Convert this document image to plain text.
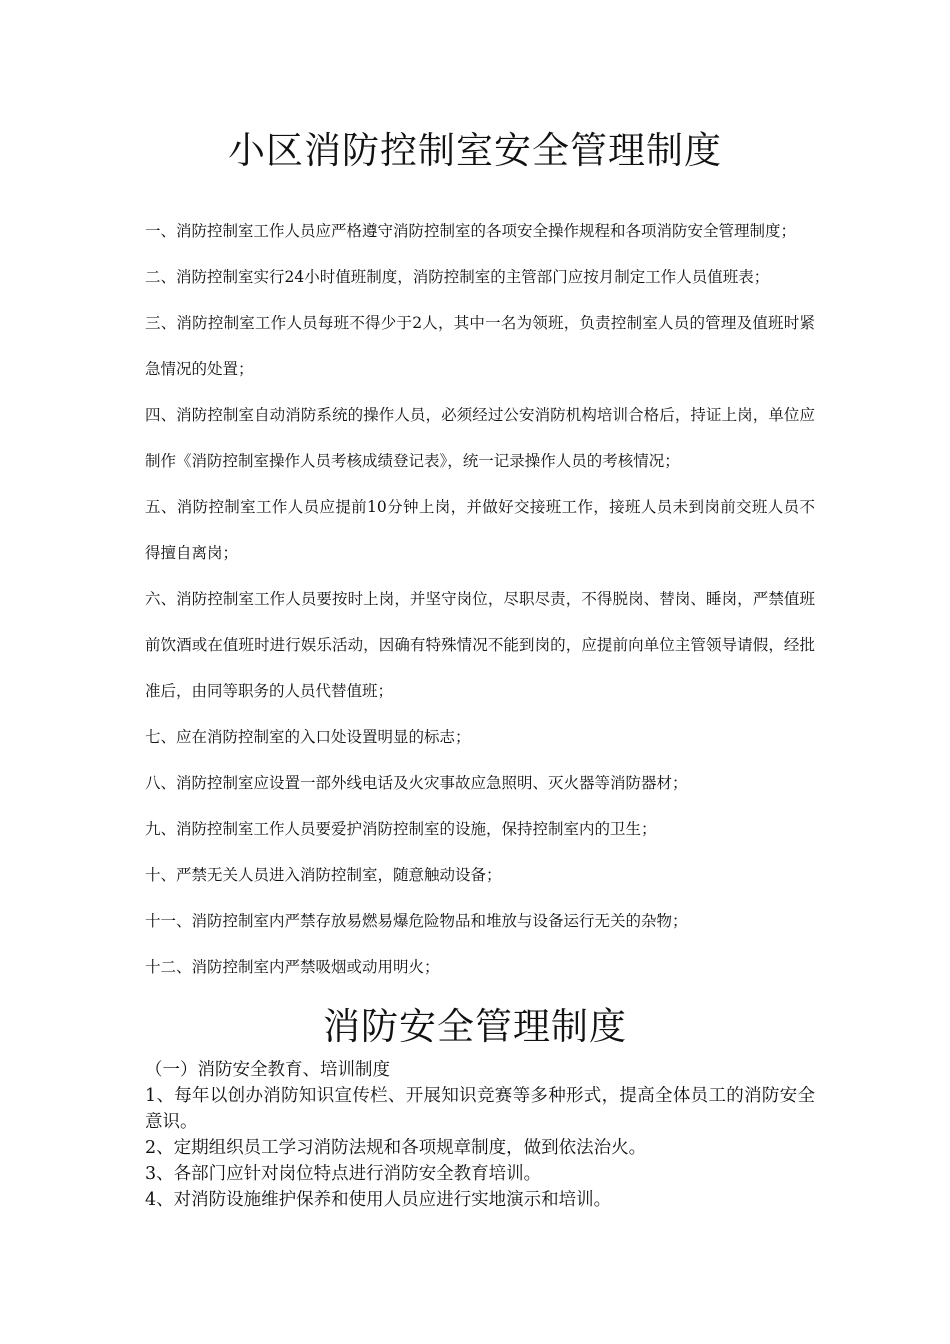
小区消防控制室安全管理制度

一、消防控制室工作人员应严格遵守消防控制室的各项安全操作规程和各项消防安全管理制度；

二、消防控制室实行24小时值班制度，消防控制室的主管部门应按月制定工作人员值班表；

三、消防控制室工作人员每班不得少于2人，其中一名为领班，负责控制室人员的管理及值班时紧急情况的处置；

四、消防控制室自动消防系统的操作人员，必须经过公安消防机构培训合格后，持证上岗，单位应制作《消防控制室操作人员考核成绩登记表》，统一记录操作人员的考核情况；

五、消防控制室工作人员应提前10分钟上岗，并做好交接班工作，接班人员未到岗前交班人员不得擅自离岗；

六、消防控制室工作人员要按时上岗，并坚守岗位，尽职尽责，不得脱岗、替岗、睡岗，严禁值班前饮酒或在值班时进行娱乐活动，因确有特殊情况不能到岗的，应提前向单位主管领导请假，经批准后，由同等职务的人员代替值班；

七、应在消防控制室的入口处设置明显的标志；

八、消防控制室应设置一部外线电话及火灾事故应急照明、灭火器等消防器材；

九、消防控制室工作人员要爱护消防控制室的设施，保持控制室内的卫生；

十、严禁无关人员进入消防控制室，随意触动设备；

十一、消防控制室内严禁存放易燃易爆危险物品和堆放与设备运行无关的杂物；

十二、消防控制室内严禁吸烟或动用明火；

消防安全管理制度

（一）消防安全教育、培训制度

1、每年以创办消防知识宣传栏、开展知识竞赛等多种形式，提高全体员工的消防安全意识。

2、定期组织员工学习消防法规和各项规章制度，做到依法治火。

3、各部门应针对岗位特点进行消防安全教育培训。

4、对消防设施维护保养和使用人员应进行实地演示和培训。
